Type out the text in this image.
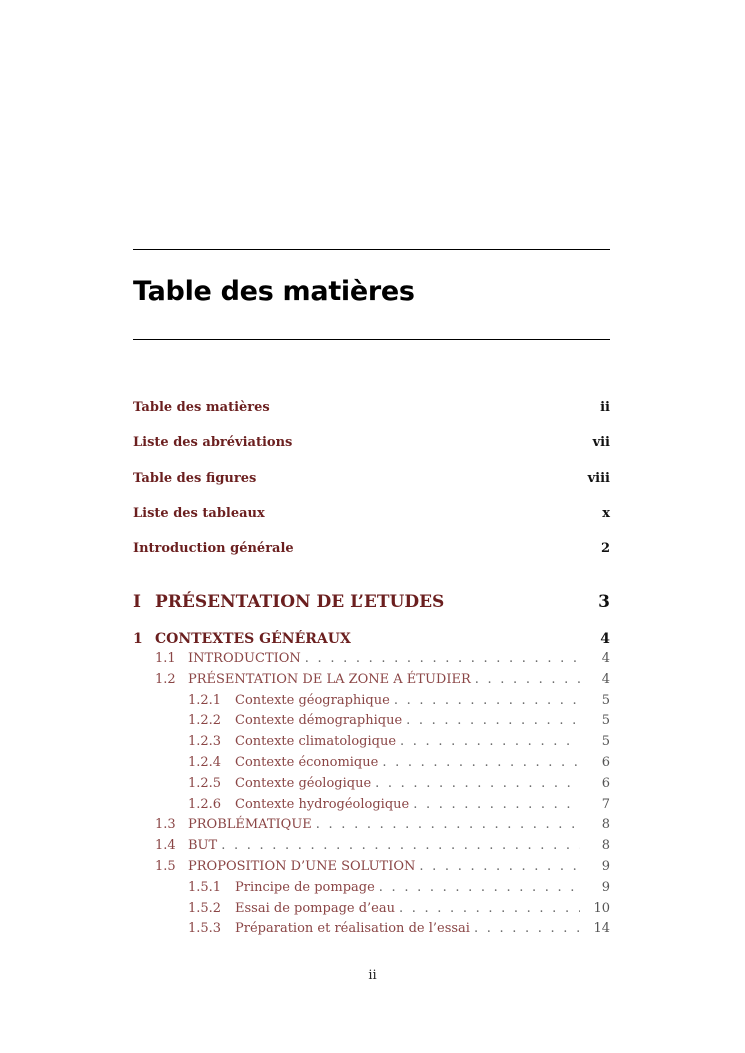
Table des matières
Table des matières	ii
Liste des abréviations	vii
Table des figures	viii
Liste des tableaux	x
Introduction générale	2
I PRÉSENTATION DE L’ETUDES	3
1 CONTEXTES GÉNÉRAUX	4
1.1 INTRODUCTION . . .	4
1.2 PRÉSENTATION DE LA ZONE A ÉTUDIER . . .	4
1.2.1	Contexte géographique . . .	5
1.2.2	Contexte démographique . . .	5
1.2.3	Contexte climatologique . . .	5
1.2.4	Contexte économique . . .	6
1.2.5	Contexte géologique . . .	6
1.2.6	Contexte hydrogéologique . . .	7
1.3 PROBLÉMATIQUE . . .	8
1.4 BUT . . .	8
1.5 PROPOSITION D’UNE SOLUTION . . .	9
1.5.1	Principe de pompage . . .	9
1.5.2	Essai de pompage d’eau . . .	10
1.5.3	Préparation et réalisation de l’essai . . .	14
ii
